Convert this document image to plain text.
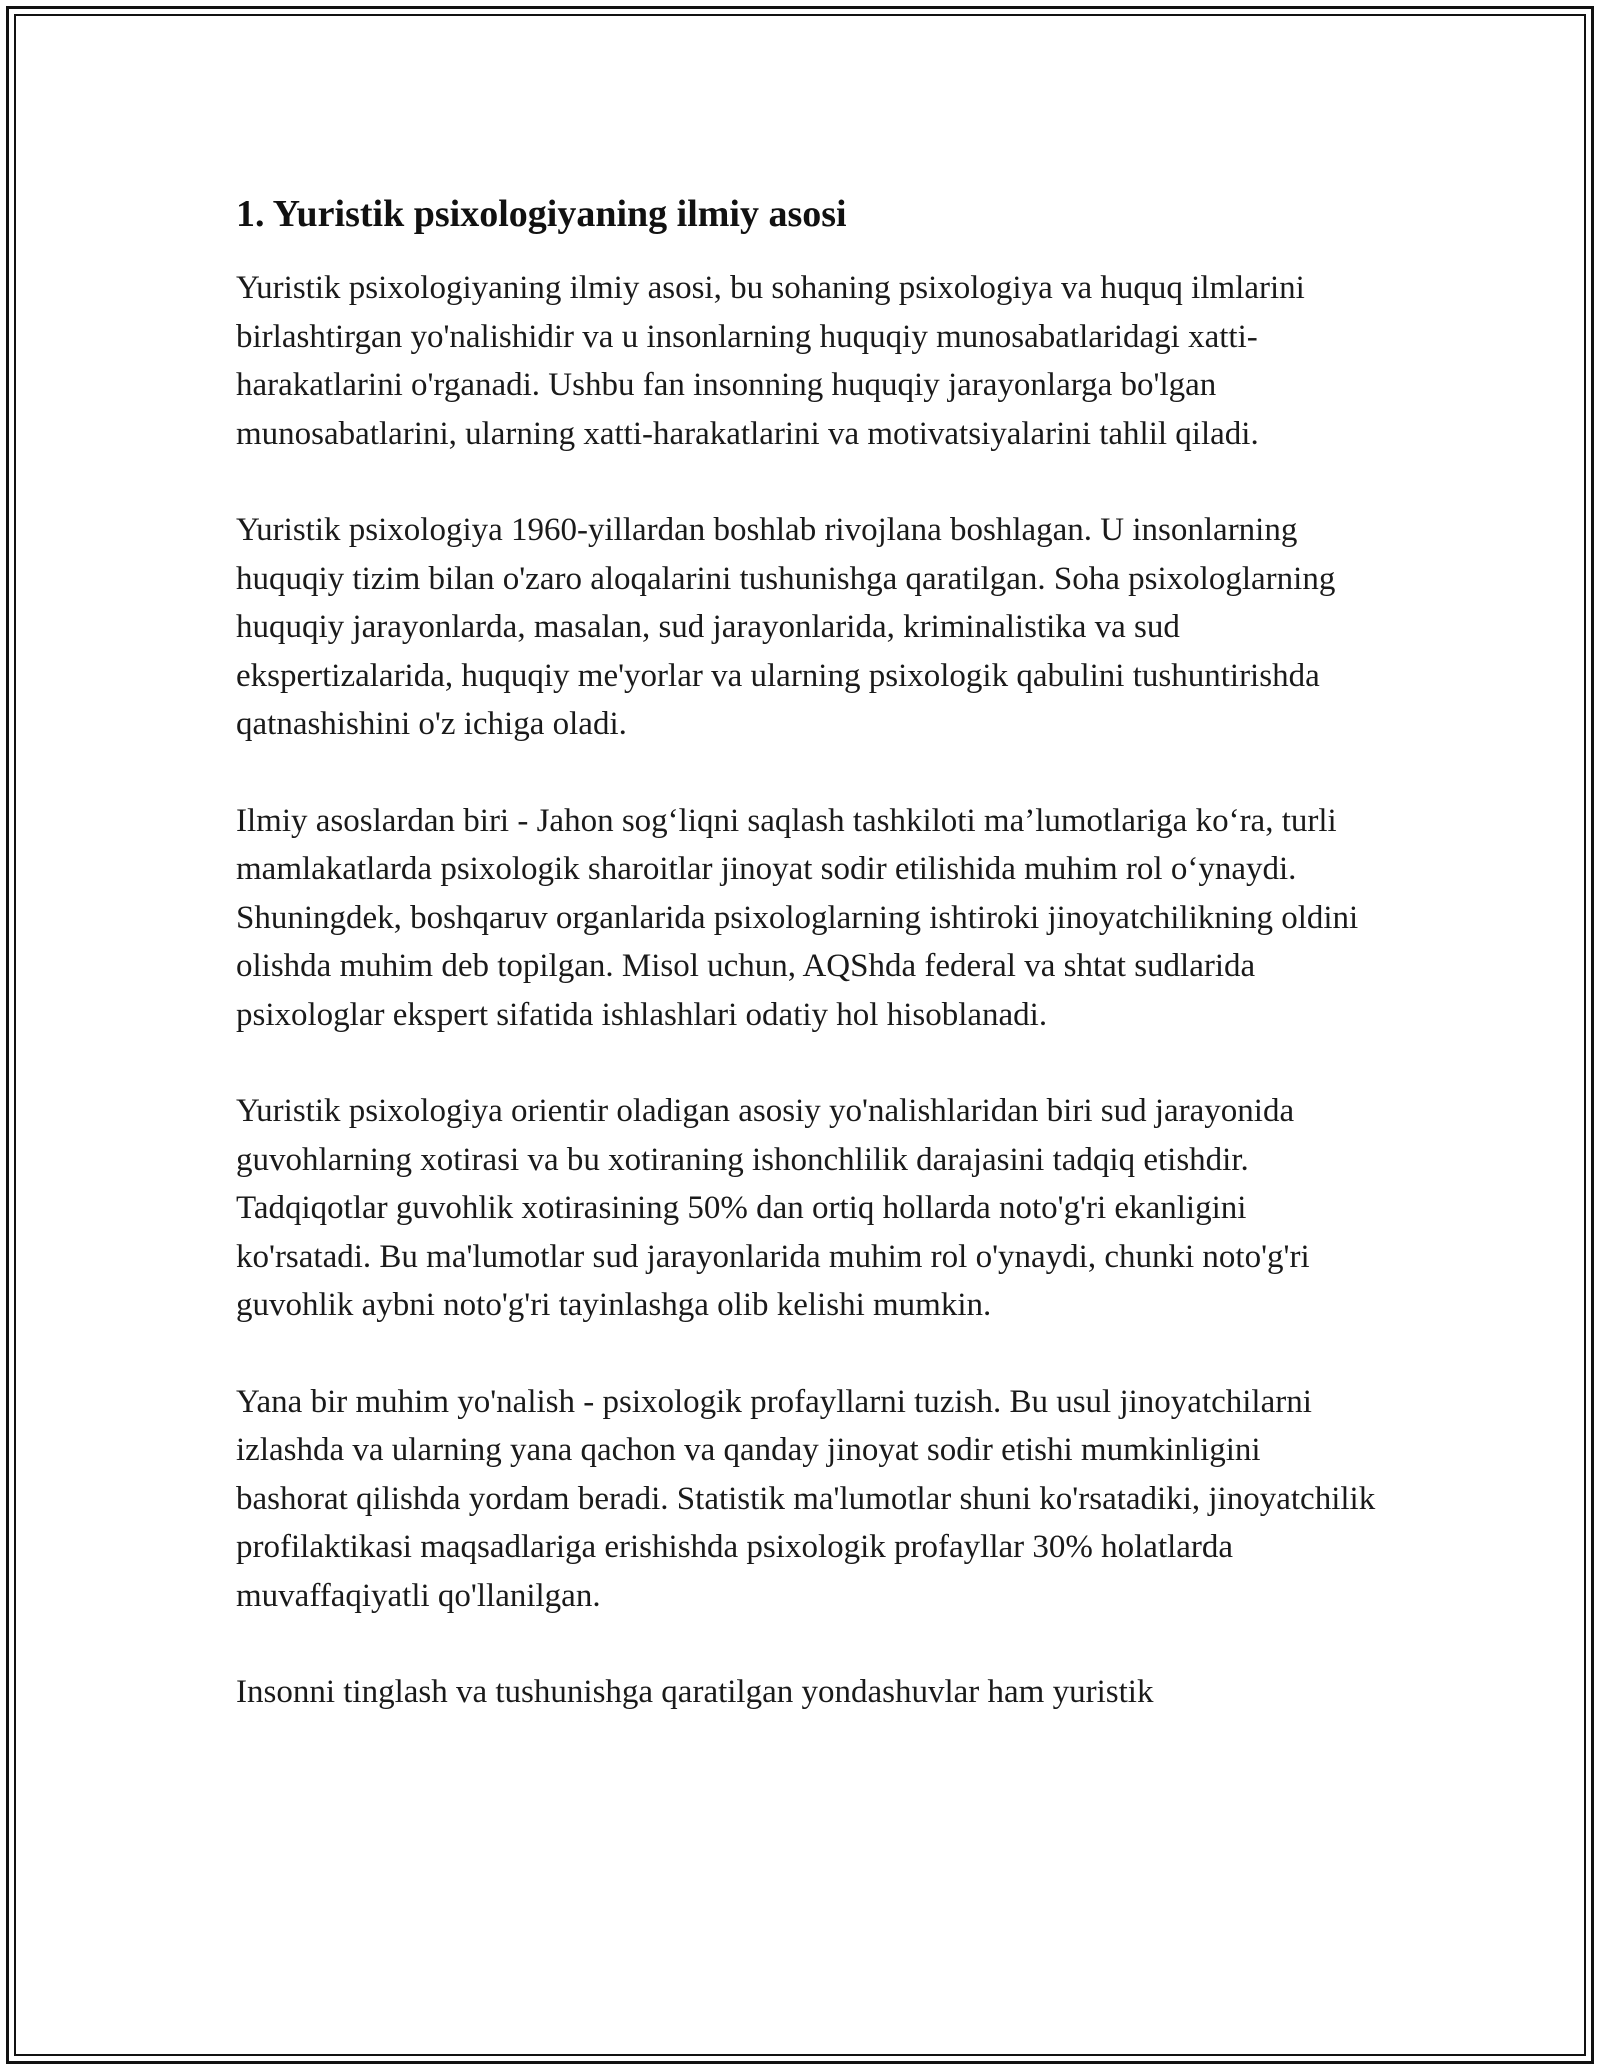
1. Yuristik psixologiyaning ilmiy asosi

Yuristik psixologiyaning ilmiy asosi, bu sohaning psixologiya va huquq ilmlarini birlashtirgan yo'nalishidir va u insonlarning huquqiy munosabatlaridagi xatti-harakatlarini o'rganadi. Ushbu fan insonning huquqiy jarayonlarga bo'lgan munosabatlarini, ularning xatti-harakatlarini va motivatsiyalarini tahlil qiladi.

Yuristik psixologiya 1960-yillardan boshlab rivojlana boshlagan. U insonlarning huquqiy tizim bilan o'zaro aloqalarini tushunishga qaratilgan. Soha psixologlarning huquqiy jarayonlarda, masalan, sud jarayonlarida, kriminalistika va sud ekspertizalarida, huquqiy me'yorlar va ularning psixologik qabulini tushuntirishda qatnashishini o'z ichiga oladi.

Ilmiy asoslardan biri - Jahon sog‘liqni saqlash tashkiloti ma’lumotlariga ko‘ra, turli mamlakatlarda psixologik sharoitlar jinoyat sodir etilishida muhim rol o‘ynaydi. Shuningdek, boshqaruv organlarida psixologlarning ishtiroki jinoyatchilikning oldini olishda muhim deb topilgan. Misol uchun, AQShda federal va shtat sudlarida psixologlar ekspert sifatida ishlashlari odatiy hol hisoblanadi.

Yuristik psixologiya orientir oladigan asosiy yo'nalishlaridan biri sud jarayonida guvohlarning xotirasi va bu xotiraning ishonchlilik darajasini tadqiq etishdir. Tadqiqotlar guvohlik xotirasining 50% dan ortiq hollarda noto'g'ri ekanligini ko'rsatadi. Bu ma'lumotlar sud jarayonlarida muhim rol o'ynaydi, chunki noto'g'ri guvohlik aybni noto'g'ri tayinlashga olib kelishi mumkin.

Yana bir muhim yo'nalish - psixologik profayllarni tuzish. Bu usul jinoyatchilarni izlashda va ularning yana qachon va qanday jinoyat sodir etishi mumkinligini bashorat qilishda yordam beradi. Statistik ma'lumotlar shuni ko'rsatadiki, jinoyatchilik profilaktikasi maqsadlariga erishishda psixologik profayllar 30% holatlarda muvaffaqiyatli qo'llanilgan.

Insonni tinglash va tushunishga qaratilgan yondashuvlar ham yuristik
